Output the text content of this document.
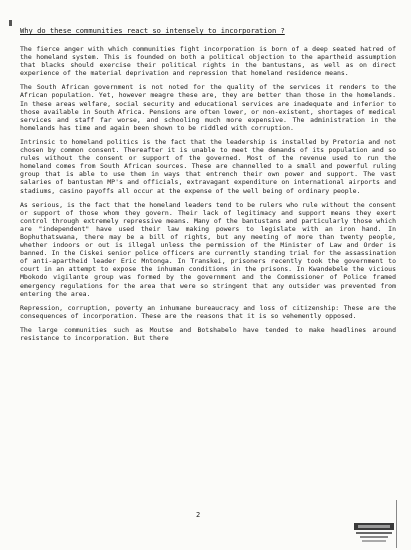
Why do these communities react so intensely to incorporation ?

The fierce anger with which communities fight incorporation is born of a deep seated hatred of the homeland system. This is founded on both a political objection to the apartheid assumption that blacks should exercise their political rights in the bantustans, as well as on direct experience of the material deprivation and repression that homeland residence means.

The South African government is not noted for the quality of the services it renders to the African population. Yet, however meagre these are, they are better than those in the homelands. In these areas welfare, social security and educational services are inadequate and inferior to those available in South Africa. Pensions are often lower, or non-existent, shortages of medical services and staff far worse, and schooling much more expensive. The administration in the homelands has time and again been shown to be riddled with corruption.

Intrinsic to homeland politics is the fact that the leadership is installed by Pretoria and not chosen by common consent. Thereafter it is unable to meet the demands of its population and so rules without the consent or support of the governed. Most of the revenue used to run the homeland comes from South African sources. These are channelled to a small and powerful ruling group that is able to use them in ways that entrench their own power and support. The vast salaries of bantustan MP's and officials, extravagant expenditure on international airports and stadiums, casino payoffs all occur at the expense of the well being of ordinary people.

As serious, is the fact that the homeland leaders tend to be rulers who rule without the consent or support of those whom they govern. Their lack of legitimacy and support means they exert control through extremely repressive means. Many of the bantustans and particularly those which are "independent" have used their law making powers to legislate with an iron hand. In Bophuthatswana, there may be a bill of rights, but any meeting of more than twenty people, whether indoors or out is illegal unless the permission of the Minister of Law and Order is banned. In the Ciskei senior police officers are currently standing trial for the assassination of anti-apartheid leader Eric Mntonga. In Transkei, prisoners recently took the government to court in an attempt to expose the inhuman conditions in the prisons. In Kwandebele the vicious Mbokodo vigilante group was formed by the government and the Commissioner of Police framed emergency regulations for the area that were so stringent that any outsider was prevented from entering the area.

Repression, corruption, poverty an inhumane bureaucracy and loss of citizenship: These are the consequences of incorporation. These are the reasons that it is so vehemently opposed.

The large communities such as Moutse and Botshabelo have tended to make headlines around resistance to incorporation. But there

2
